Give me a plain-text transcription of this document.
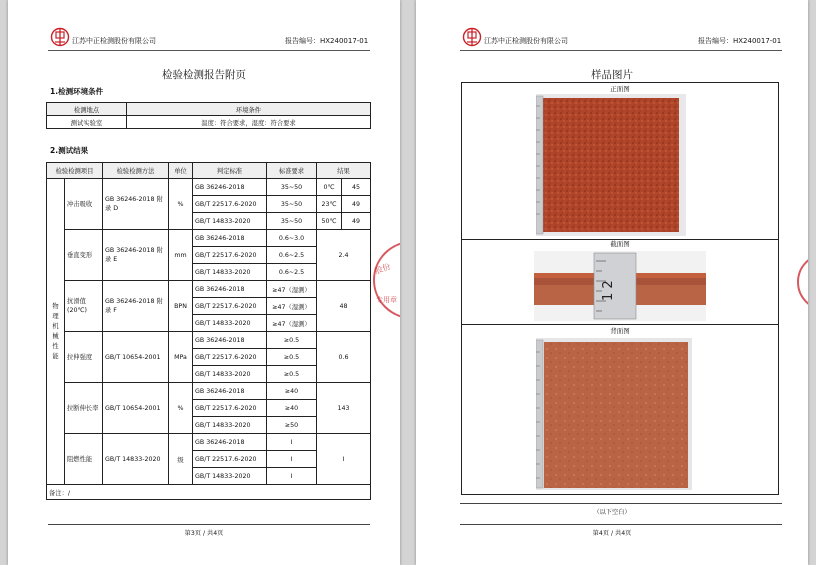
江苏中正检测股份有限公司	报告编号：HX240017-01
检验检测报告附页
1.检测环境条件
检测地点	环境条件
测试实验室	温度：符合要求，湿度：符合要求
2.测试结果
检验检测项目		检验检测方法	单位	判定标准	标准要求	结果	
物理机械性能	冲击吸收	GB 36246-2018 附录 D	%	GB 36246-2018	35~50	0℃	45
				GB/T 22517.6-2020	35~50	23℃	49
				GB/T 14833-2020	35~50	50℃	49
	垂直变形	GB 36246-2018 附录 E	mm	GB 36246-2018	0.6~3.0	2.4	
				GB/T 22517.6-2020	0.6~2.5		
				GB/T 14833-2020	0.6~2.5		
	抗滑值(20℃)	GB 36246-2018 附录 F	BPN	GB 36246-2018	≥47（湿测）	48	
				GB/T 22517.6-2020	≥47（湿测）		
				GB/T 14833-2020	≥47（湿测）		
	拉伸强度	GB/T 10654-2001	MPa	GB 36246-2018	≥0.5	0.6	
				GB/T 22517.6-2020	≥0.5		
				GB/T 14833-2020	≥0.5		
	拉断伸长率	GB/T 10654-2001	%	GB 36246-2018	≥40	143	
				GB/T 22517.6-2020	≥40		
				GB/T 14833-2020	≥50		
	阻燃性能	GB/T 14833-2020	级	GB 36246-2018	Ⅰ	Ⅰ	
				GB/T 22517.6-2020	Ⅰ		
				GB/T 14833-2020	Ⅰ		
备注：/							
股份
专用章
第3页 / 共4页
江苏中正检测股份有限公司	报告编号：HX240017-01
样品图片
正面图
截面图
1 2
背面图
（以下空白）
第4页 / 共4页
